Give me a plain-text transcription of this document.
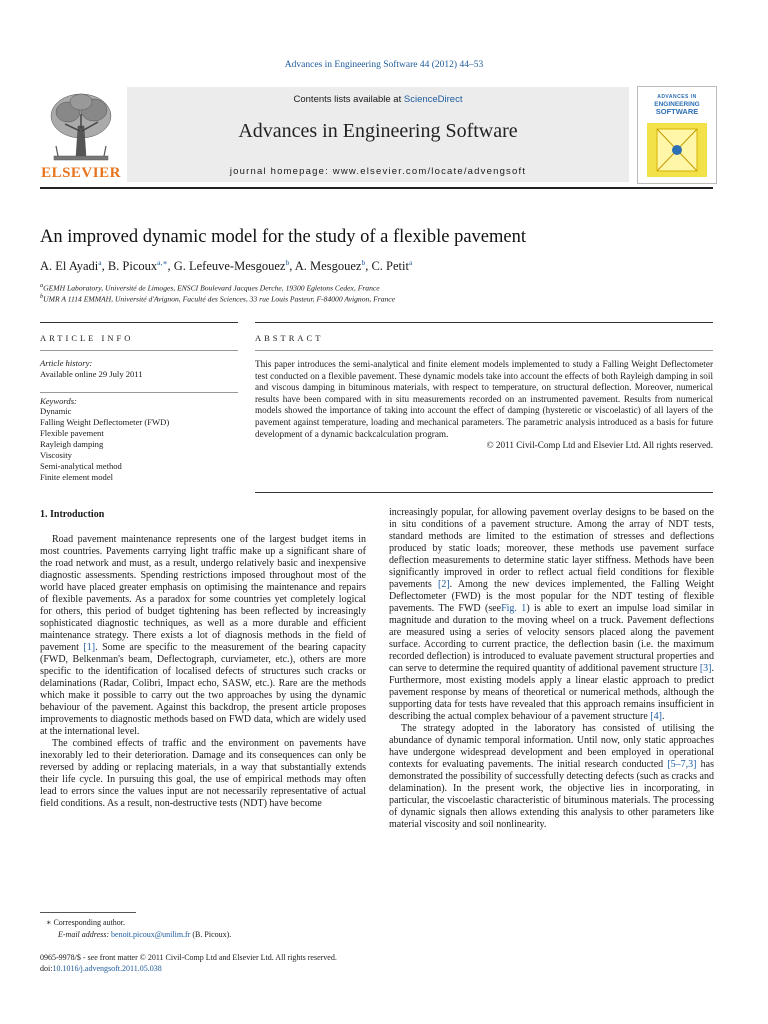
Advances in Engineering Software 44 (2012) 44–53
Contents lists available at ScienceDirect
Advances in Engineering Software
journal homepage: www.elsevier.com/locate/advengsoft
ELSEVIER
ADVANCES IN
ENGINEERING
SOFTWARE
An improved dynamic model for the study of a flexible pavement
A. El Ayadi$^a$, B. Picoux$^{a,∗}$, G. Lefeuve-Mesgouez$^b$, A. Mesgouez$^b$, C. Petit$^a$
$^a$GEMH Laboratory, Université de Limoges, ENSCI Boulevard Jacques Derche, 19300 Egletons Cedex, France
$^b$UMR A 1114 EMMAH, Université d'Avignon, Faculté des Sciences, 33 rue Louis Pasteur, F-84000 Avignon, France
ARTICLE INFO
Article history:
Available online 29 July 2011
Keywords:
Dynamic
Falling Weight Deflectometer (FWD)
Flexible pavement
Rayleigh damping
Viscosity
Semi-analytical method
Finite element model
ABSTRACT
This paper introduces the semi-analytical and finite element models implemented to study a Falling Weight Deflectometer test conducted on a flexible pavement. These dynamic models take into account the effects of both Rayleigh damping in soil and viscous damping in bituminous materials, with respect to temperature, on structural deflection. Moreover, numerical results have been compared with in situ measurements recorded on an instrumented pavement. Results from numerical models showed the importance of taking into account the effect of damping (hysteretic or viscoelastic) of all layers of the pavement against temperature, loading and mechanical parameters. The parametric analysis introduced as a basis for future development of a dynamic backcalculation program.
© 2011 Civil-Comp Ltd and Elsevier Ltd. All rights reserved.
1. Introduction

Road pavement maintenance represents one of the largest budget items in most countries. Pavements carrying light traffic make up a significant share of the road network and must, as a result, undergo relatively basic and inexpensive diagnostic assessments. Spending restrictions imposed throughout most of the world have placed greater emphasis on optimising the maintenance and repairs of flexible pavements. As a paradox for some countries yet completely logical for others, this period of budget tightening has been reflected by increasingly sophisticated diagnostic techniques, as well as a more durable and efficient maintenance strategy. There exists a lot of diagnosis methods in the field of pavement [1]. Some are specific to the measurement of the bearing capacity (FWD, Belkenman's beam, Deflectograph, curviameter, etc.), others are more specific to the identification of localised defects of structures such cracks or delaminations (Radar, Colibri, Impact echo, SASW, etc.). Rare are the methods which make it possible to carry out the two approaches by using the dynamic behaviour of the pavement. Against this backdrop, the present article proposes improvements to diagnostic methods based on FWD data, which are widely used at the international level.

The combined effects of traffic and the environment on pavements have inexorably led to their deterioration. Damage and its consequences can only be reversed by adding or replacing materials, in a way that substantially extends their life cycle. In pursuing this goal, the use of empirical methods may often lead to errors since the values input are not necessarily representative of actual field conditions. As a result, non-destructive tests (NDT) have become

increasingly popular, for allowing pavement overlay designs to be based on the in situ conditions of a pavement structure. Among the array of NDT tests, standard methods are limited to the estimation of stresses and deflections produced by static loads; moreover, these methods use pavement surface deflection measurements to determine static layer stiffness. Methods have been significantly improved in order to reflect actual field conditions for flexible pavements [2]. Among the new devices implemented, the Falling Weight Deflectometer (FWD) is the most popular for the NDT testing of flexible pavements. The FWD (seeFig. 1) is able to exert an impulse load similar in magnitude and duration to the moving wheel on a truck. Pavement deflections are measured using a series of velocity sensors placed along the pavement surface. According to current practice, the deflection basin (i.e. the maximum recorded deflection) is introduced to evaluate pavement structural properties and can serve to determine the required quantity of additional pavement structure [3]. Furthermore, most existing models apply a linear elastic approach to predict pavement response by means of theoretical or numerical methods, although the supporting data for tests have revealed that this approach remains insufficient in describing the actual complex behaviour of a pavement structure [4].

The strategy adopted in the laboratory has consisted of utilising the abundance of dynamic temporal information. Until now, only static approaches have undergone widespread development and been employed in operational contexts for evaluating pavements. The initial research conducted [5–7,3] has demonstrated the possibility of successfully detecting defects (such as cracks and delamination). In the present work, the objective lies in incorporating, in particular, the viscoelastic characteristic of bituminous materials. The processing of dynamic signals then allows extending this analysis to other parameters like material viscosity and soil nonlinearity.

∗ Corresponding author.
E-mail address: benoit.picoux@unilim.fr (B. Picoux).
0965-9978/$ - see front matter © 2011 Civil-Comp Ltd and Elsevier Ltd. All rights reserved.
doi:10.1016/j.advengsoft.2011.05.038
